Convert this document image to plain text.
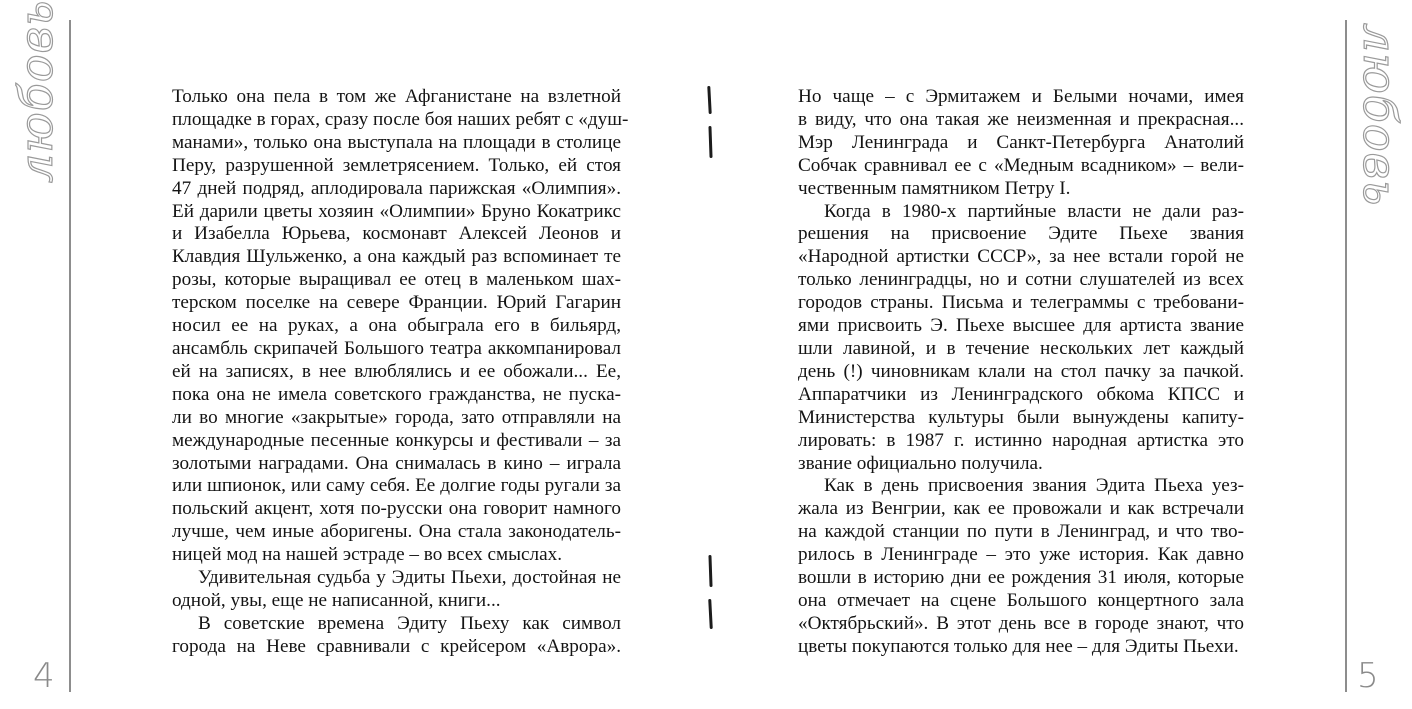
любовь
4
любовь
5
Только она пела в том же Афганистане на взлетной
площадке в горах, сразу после боя наших ребят с «душ-
манами», только она выступала на площади в столице
Перу, разрушенной землетрясением. Только, ей стоя
47 дней подряд, аплодировала парижская «Олимпия».
Ей дарили цветы хозяин «Олимпии» Бруно Кокатрикс
и Изабелла Юрьева, космонавт Алексей Леонов и
Клавдия Шульженко, а она каждый раз вспоминает те
розы, которые выращивал ее отец в маленьком шах-
терском поселке на севере Франции. Юрий Гагарин
носил ее на руках, а она обыграла его в бильярд,
ансамбль скрипачей Большого театра аккомпанировал
ей на записях, в нее влюблялись и ее обожали... Ее,
пока она не имела советского гражданства, не пуска-
ли во многие «закрытые» города, зато отправляли на
международные песенные конкурсы и фестивали – за
золотыми наградами. Она снималась в кино – играла
или шпионок, или саму себя. Ее долгие годы ругали за
польский акцент, хотя по-русски она говорит намного
лучше, чем иные аборигены. Она стала законодатель-
ницей мод на нашей эстраде – во всех смыслах.
Удивительная судьба у Эдиты Пьехи, достойная не
одной, увы, еще не написанной, книги...
В советские времена Эдиту Пьеху как символ
города на Неве сравнивали с крейсером «Аврора».
Но чаще – с Эрмитажем и Белыми ночами, имея
в виду, что она такая же неизменная и прекрасная...
Мэр Ленинграда и Санкт-Петербурга Анатолий
Собчак сравнивал ее с «Медным всадником» – вели-
чественным памятником Петру I.
Когда в 1980-х партийные власти не дали раз-
решения на присвоение Эдите Пьехе звания
«Народной артистки СССР», за нее встали горой не
только ленинградцы, но и сотни слушателей из всех
городов страны. Письма и телеграммы с требовани-
ями присвоить Э. Пьехе высшее для артиста звание
шли лавиной, и в течение нескольких лет каждый
день (!) чиновникам клали на стол пачку за пачкой.
Аппаратчики из Ленинградского обкома КПСС и
Министерства культуры были вынуждены капиту-
лировать: в 1987 г. истинно народная артистка это
звание официально получила.
Как в день присвоения звания Эдита Пьеха уез-
жала из Венгрии, как ее провожали и как встречали
на каждой станции по пути в Ленинград, и что тво-
рилось в Ленинграде – это уже история. Как давно
вошли в историю дни ее рождения 31 июля, которые
она отмечает на сцене Большого концертного зала
«Октябрьский». В этот день все в городе знают, что
цветы покупаются только для нее – для Эдиты Пьехи.
